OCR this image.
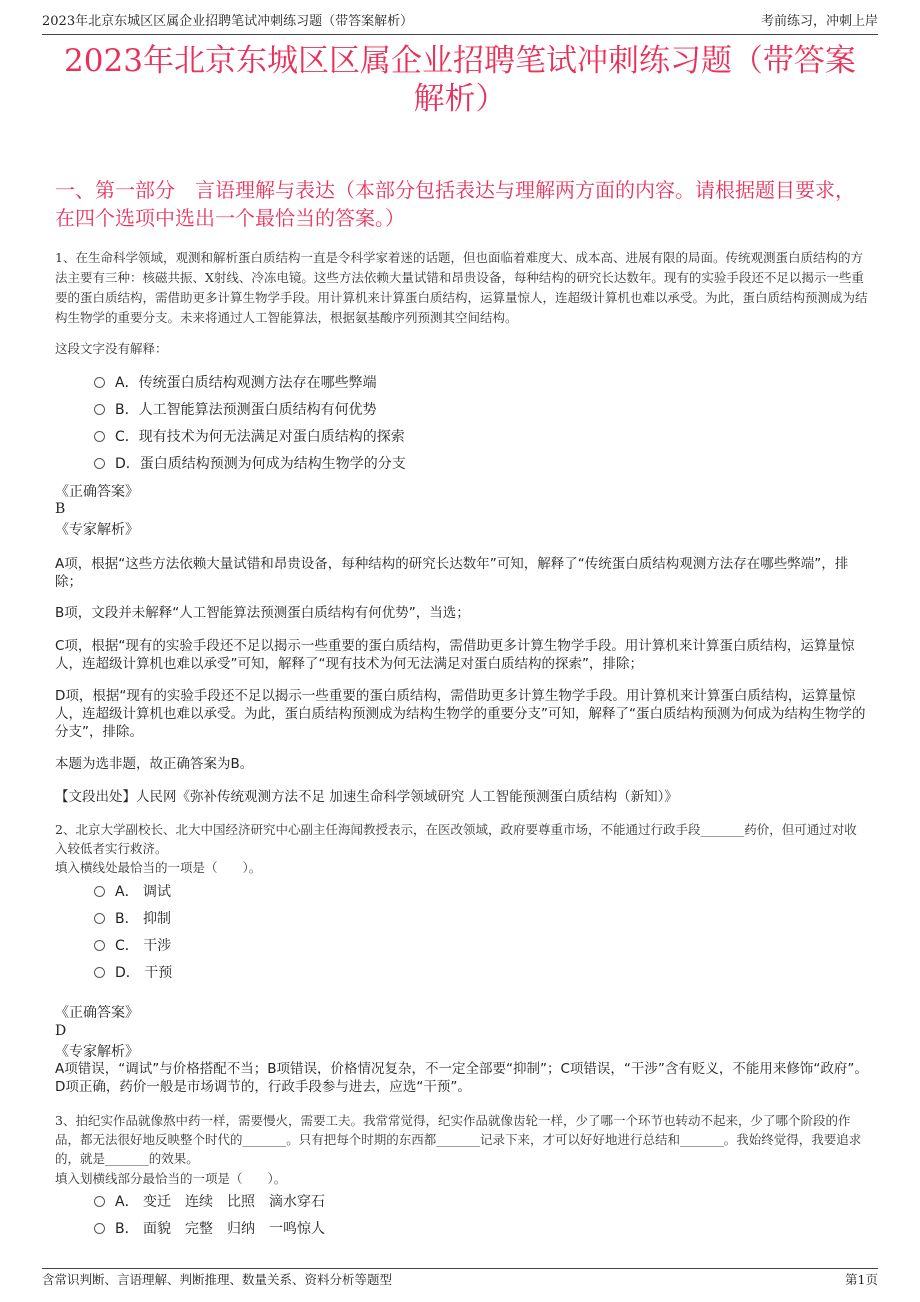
2023年北京东城区区属企业招聘笔试冲刺练习题（带答案解析）	考前练习，冲刺上岸
2023年北京东城区区属企业招聘笔试冲刺练习题（带答案解析）
一、第一部分　言语理解与表达（本部分包括表达与理解两方面的内容。请根据题目要求，在四个选项中选出一个最恰当的答案。）
1、在生命科学领域，观测和解析蛋白质结构一直是令科学家着迷的话题，但也面临着难度大、成本高、进展有限的局面。传统观测蛋白质结构的方法主要有三种：核磁共振、X射线、冷冻电镜。这些方法依赖大量试错和昂贵设备，每种结构的研究长达数年。现有的实验手段还不足以揭示一些重要的蛋白质结构，需借助更多计算生物学手段。用计算机来计算蛋白质结构，运算量惊人，连超级计算机也难以承受。为此，蛋白质结构预测成为结构生物学的重要分支。未来将通过人工智能算法，根据氨基酸序列预测其空间结构。
这段文字没有解释：
A．传统蛋白质结构观测方法存在哪些弊端
B．人工智能算法预测蛋白质结构有何优势
C．现有技术为何无法满足对蛋白质结构的探索
D．蛋白质结构预测为何成为结构生物学的分支
《正确答案》
B
《专家解析》
A项，根据“这些方法依赖大量试错和昂贵设备，每种结构的研究长达数年”可知，解释了“传统蛋白质结构观测方法存在哪些弊端”，排除；
B项，文段并未解释“人工智能算法预测蛋白质结构有何优势”，当选；
C项，根据“现有的实验手段还不足以揭示一些重要的蛋白质结构，需借助更多计算生物学手段。用计算机来计算蛋白质结构，运算量惊人，连超级计算机也难以承受”可知，解释了“现有技术为何无法满足对蛋白质结构的探索”，排除；
D项，根据“现有的实验手段还不足以揭示一些重要的蛋白质结构，需借助更多计算生物学手段。用计算机来计算蛋白质结构，运算量惊人，连超级计算机也难以承受。为此，蛋白质结构预测成为结构生物学的重要分支”可知，解释了“蛋白质结构预测为何成为结构生物学的分支”，排除。
本题为选非题，故正确答案为B。
【文段出处】人民网《弥补传统观测方法不足 加速生命科学领域研究 人工智能预测蛋白质结构（新知）》
2、北京大学副校长、北大中国经济研究中心副主任海闻教授表示，在医改领域，政府要尊重市场，不能通过行政手段_______药价，但可通过对收入较低者实行救济。
填入横线处最恰当的一项是（　　）。
A． 调试
B． 抑制
C． 干涉
D． 干预
《正确答案》
D
《专家解析》
A项错误，“调试”与价格搭配不当；B项错误，价格情况复杂，不一定全部要“抑制”；C项错误，“干涉”含有贬义，不能用来修饰“政府”。D项正确，药价一般是市场调节的，行政手段参与进去，应选“干预”。
3、拍纪实作品就像熬中药一样，需要慢火，需要工夫。我常常觉得，纪实作品就像齿轮一样，少了哪一个环节也转动不起来，少了哪个阶段的作品，都无法很好地反映整个时代的_______。只有把每个时期的东西都_______记录下来，才可以好好地进行总结和_______。我始终觉得，我要追求的，就是_______的效果。
填入划横线部分最恰当的一项是（　　）。
A． 变迁　连续　比照　滴水穿石
B． 面貌　完整　归纳　一鸣惊人
含常识判断、言语理解、判断推理、数量关系、资料分析等题型	第1页
